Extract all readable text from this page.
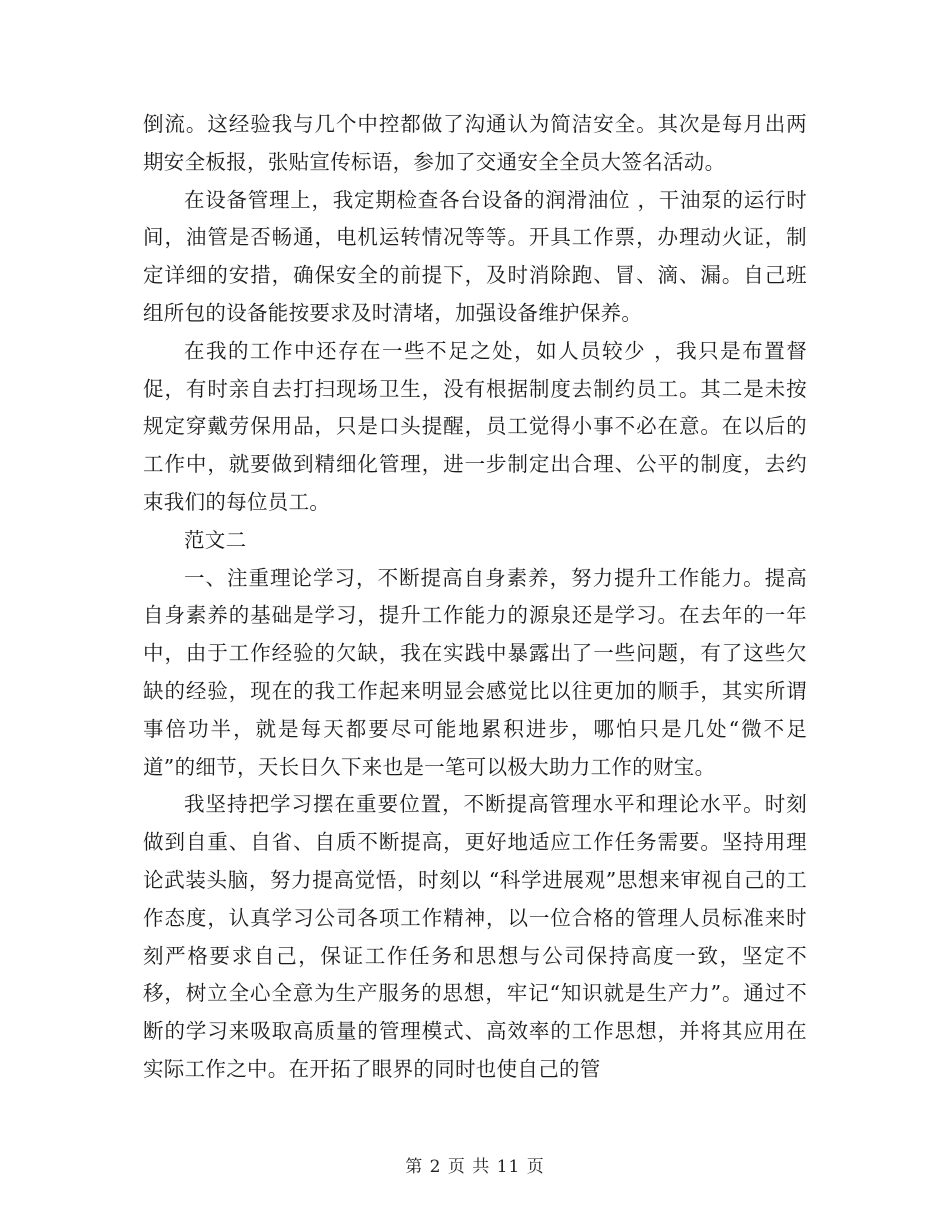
倒流。这经验我与几个中控都做了沟通认为简洁安全。其次是每月出两期安全板报，张贴宣传标语，参加了交通安全全员大签名活动。

在设备管理上，我定期检查各台设备的润滑油位 ，干油泵的运行时间，油管是否畅通，电机运转情况等等。开具工作票，办理动火证，制定详细的安措，确保安全的前提下，及时消除跑、冒、滴、漏。自己班组所包的设备能按要求及时清堵，加强设备维护保养。

在我的工作中还存在一些不足之处，如人员较少 ，我只是布置督促，有时亲自去打扫现场卫生，没有根据制度去制约员工。其二是未按规定穿戴劳保用品，只是口头提醒，员工觉得小事不必在意。在以后的工作中，就要做到精细化管理，进一步制定出合理、公平的制度，去约束我们的每位员工。

范文二

一、注重理论学习，不断提高自身素养，努力提升工作能力。提高自身素养的基础是学习，提升工作能力的源泉还是学习。在去年的一年中，由于工作经验的欠缺，我在实践中暴露出了一些问题，有了这些欠缺的经验，现在的我工作起来明显会感觉比以往更加的顺手，其实所谓事倍功半，就是每天都要尽可能地累积进步，哪怕只是几处“微不足道”的细节，天长日久下来也是一笔可以极大助力工作的财宝。

我坚持把学习摆在重要位置，不断提高管理水平和理论水平。时刻做到自重、自省、自质不断提高，更好地适应工作任务需要。坚持用理论武装头脑，努力提高觉悟，时刻以 “科学进展观”思想来审视自己的工作态度，认真学习公司各项工作精神，以一位合格的管理人员标准来时刻严格要求自己，保证工作任务和思想与公司保持高度一致，坚定不移，树立全心全意为生产服务的思想，牢记“知识就是生产力”。通过不断的学习来吸取高质量的管理模式、高效率的工作思想，并将其应用在实际工作之中。在开拓了眼界的同时也使自己的管

第 2 页 共 11 页
